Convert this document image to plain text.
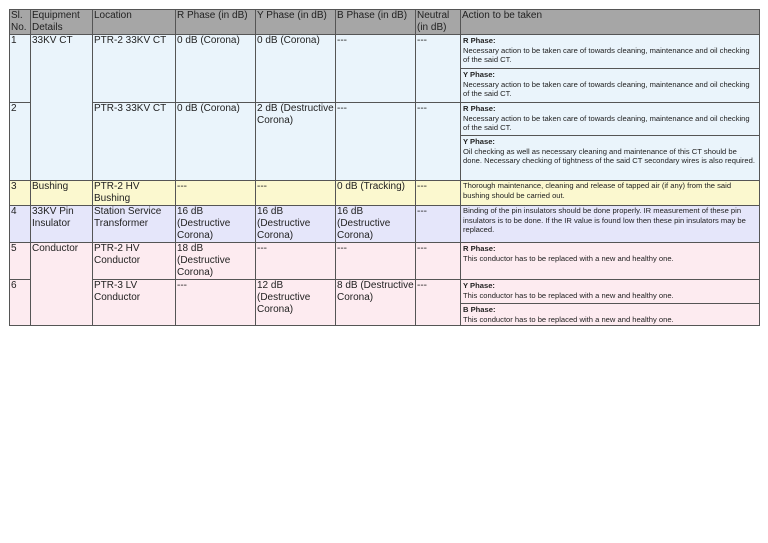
Sl. No.	Equipment Details	Location	R Phase (in dB)	Y Phase (in dB)	B Phase (in dB)	Neutral (in dB)	Action to be taken
1	33KV CT	PTR-2 33KV CT	0 dB (Corona)	0 dB (Corona)	---	---	R Phase:
Necessary action to be taken care of towards cleaning, maintenance and oil checking of the said CT.
Y Phase:
Necessary action to be taken care of towards cleaning, maintenance and oil checking of the said CT.

2		PTR-3 33KV CT	0 dB (Corona)	2 dB (Destructive Corona)	---	---	R Phase:
Necessary action to be taken care of towards cleaning, maintenance and oil checking of the said CT.
Y Phase:
Oil checking as well as necessary cleaning and maintenance of this CT should be done. Necessary checking of tightness of the said CT secondary wires is also required.

3	Bushing	PTR-2 HV Bushing	---	---	0 dB (Tracking)	---	Thorough maintenance, cleaning and release of tapped air (if any) from the said bushing should be carried out.
4	33KV Pin Insulator	Station Service Transformer	16 dB (Destructive Corona)	16 dB (Destructive Corona)	16 dB (Destructive Corona)	---	Binding of the pin insulators should be done properly. IR measurement of these pin insulators is to be done. If the IR value is found low then these pin insulators may be replaced.
5	Conductor	PTR-2 HV Conductor	18 dB (Destructive Corona)	---	---	---	R Phase:
This conductor has to be replaced with a new and healthy one.

6		PTR-3 LV Conductor	---	12 dB (Destructive Corona)	8 dB (Destructive Corona)	---	Y Phase:
This conductor has to be replaced with a new and healthy one.
B Phase:
This conductor has to be replaced with a new and healthy one.
